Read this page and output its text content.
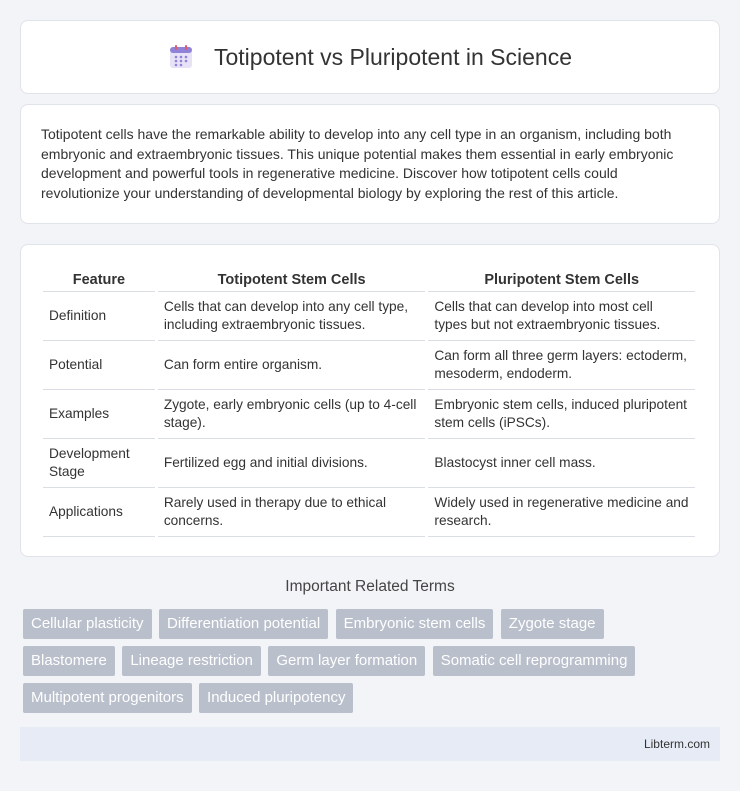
Totipotent vs Pluripotent in Science

Totipotent cells have the remarkable ability to develop into any cell type in an organism, including both embryonic and extraembryonic tissues. This unique potential makes them essential in early embryonic development and powerful tools in regenerative medicine. Discover how totipotent cells could revolutionize your understanding of developmental biology by exploring the rest of this article.

Feature	Totipotent Stem Cells	Pluripotent Stem Cells
Definition	Cells that can develop into any cell type, including extraembryonic tissues.	Cells that can develop into most cell types but not extraembryonic tissues.
Potential	Can form entire organism.	Can form all three germ layers: ectoderm, mesoderm, endoderm.
Examples	Zygote, early embryonic cells (up to 4-cell stage).	Embryonic stem cells, induced pluripotent stem cells (iPSCs).
Development Stage	Fertilized egg and initial divisions.	Blastocyst inner cell mass.
Applications	Rarely used in therapy due to ethical concerns.	Widely used in regenerative medicine and research.
Important Related Terms
Cellular plasticity Differentiation potential Embryonic stem cells Zygote stage
Blastomere Lineage restriction Germ layer formation Somatic cell reprogramming
Multipotent progenitors Induced pluripotency
Libterm.com
